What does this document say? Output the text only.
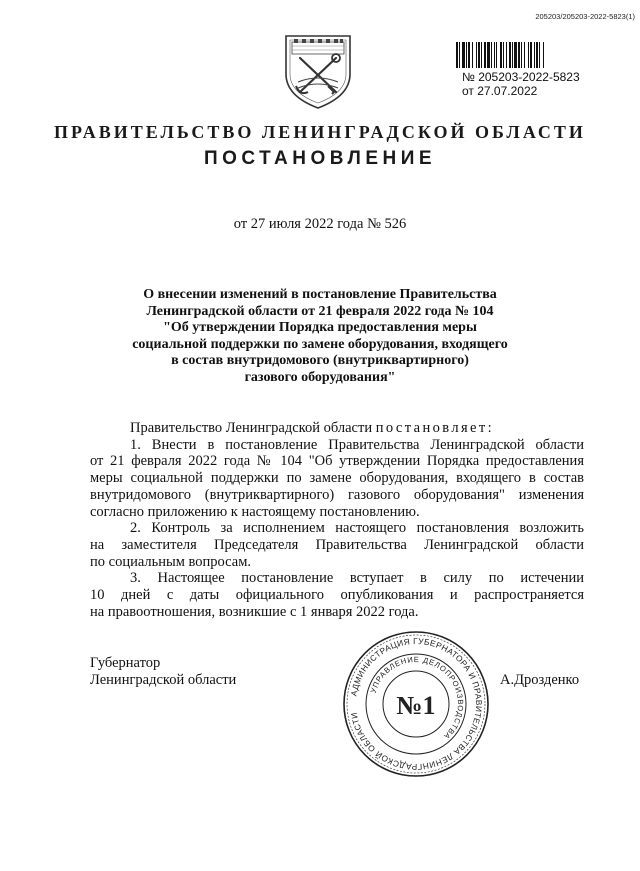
205203/205203-2022-5823(1)
№ 205203-2022-5823
от 27.07.2022
ПРАВИТЕЛЬСТВО ЛЕНИНГРАДСКОЙ ОБЛАСТИ
ПОСТАНОВЛЕНИЕ
от 27 июля 2022 года № 526
О внесении изменений в постановление Правительства
Ленинградской области от 21 февраля 2022 года № 104
"Об утверждении Порядка предоставления меры
социальной поддержки по замене оборудования, входящего
в состав внутридомового (внутриквартирного)
газового оборудования"
Правительство Ленинградской области постановляет:
1. Внести в постановление Правительства Ленинградской области
от 21 февраля 2022 года № 104 "Об утверждении Порядка предоставления
меры социальной поддержки по замене оборудования, входящего в состав
внутридомового (внутриквартирного) газового оборудования" изменения
согласно приложению к настоящему постановлению.
2. Контроль за исполнением настоящего постановления возложить
на заместителя Председателя Правительства Ленинградской области
по социальным вопросам.
3. Настоящее постановление вступает в силу по истечении
10 дней с даты официального опубликования и распространяется
на правоотношения, возникшие с 1 января 2022 года.
Губернатор
Ленинградской области	А.Дрозденко
АДМИНИСТРАЦИЯ ГУБЕРНАТОРА И ПРАВИТЕЛЬСТВА ЛЕНИНГРАДСКОЙ ОБЛАСТИ
УПРАВЛЕНИЕ ДЕЛОПРОИЗВОДСТВА
№1
